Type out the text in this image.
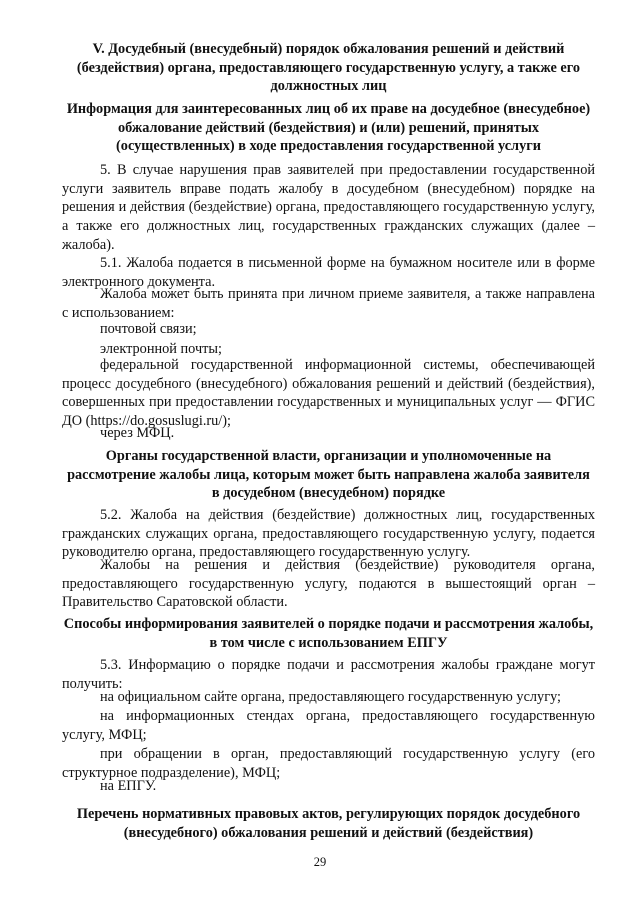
V. Досудебный (внесудебный) порядок обжалования решений и действий (бездействия) органа, предоставляющего государственную услугу, а также его должностных лиц

Информация для заинтересованных лиц об их праве на досудебное (внесудебное) обжалование действий (бездействия) и (или) решений, принятых (осуществленных) в ходе предоставления государственной услуги

5. В случае нарушения прав заявителей при предоставлении государственной услуги заявитель вправе подать жалобу в досудебном (внесудебном) порядке на решения и действия (бездействие) органа, предоставляющего государственную услугу, а также его должностных лиц, государственных гражданских служащих (далее – жалоба).

5.1. Жалоба подается в письменной форме на бумажном носителе или в форме электронного документа.

Жалоба может быть принята при личном приеме заявителя, а также направлена с использованием:

почтовой связи;

электронной почты;

федеральной государственной информационной системы, обеспечивающей процесс досудебного (внесудебного) обжалования решений и действий (бездействия), совершенных при предоставлении государственных и муниципальных услуг — ФГИС ДО (https://do.gosuslugi.ru/);

через МФЦ.

Органы государственной власти, организации и уполномоченные на рассмотрение жалобы лица, которым может быть направлена жалоба заявителя в досудебном (внесудебном) порядке

5.2. Жалоба на действия (бездействие) должностных лиц, государственных гражданских служащих органа, предоставляющего государственную услугу, подается руководителю органа, предоставляющего государственную услугу.

Жалобы на решения и действия (бездействие) руководителя органа, предоставляющего государственную услугу, подаются в вышестоящий орган – Правительство Саратовской области.

Способы информирования заявителей о порядке подачи и рассмотрения жалобы, в том числе с использованием ЕПГУ

5.3. Информацию о порядке подачи и рассмотрения жалобы граждане могут получить:

на официальном сайте органа, предоставляющего государственную услугу;

на информационных стендах органа, предоставляющего государственную услугу, МФЦ;

при обращении в орган, предоставляющий государственную услугу (его структурное подразделение), МФЦ;

на ЕПГУ.

Перечень нормативных правовых актов, регулирующих порядок досудебного (внесудебного) обжалования решений и действий (бездействия)

29
